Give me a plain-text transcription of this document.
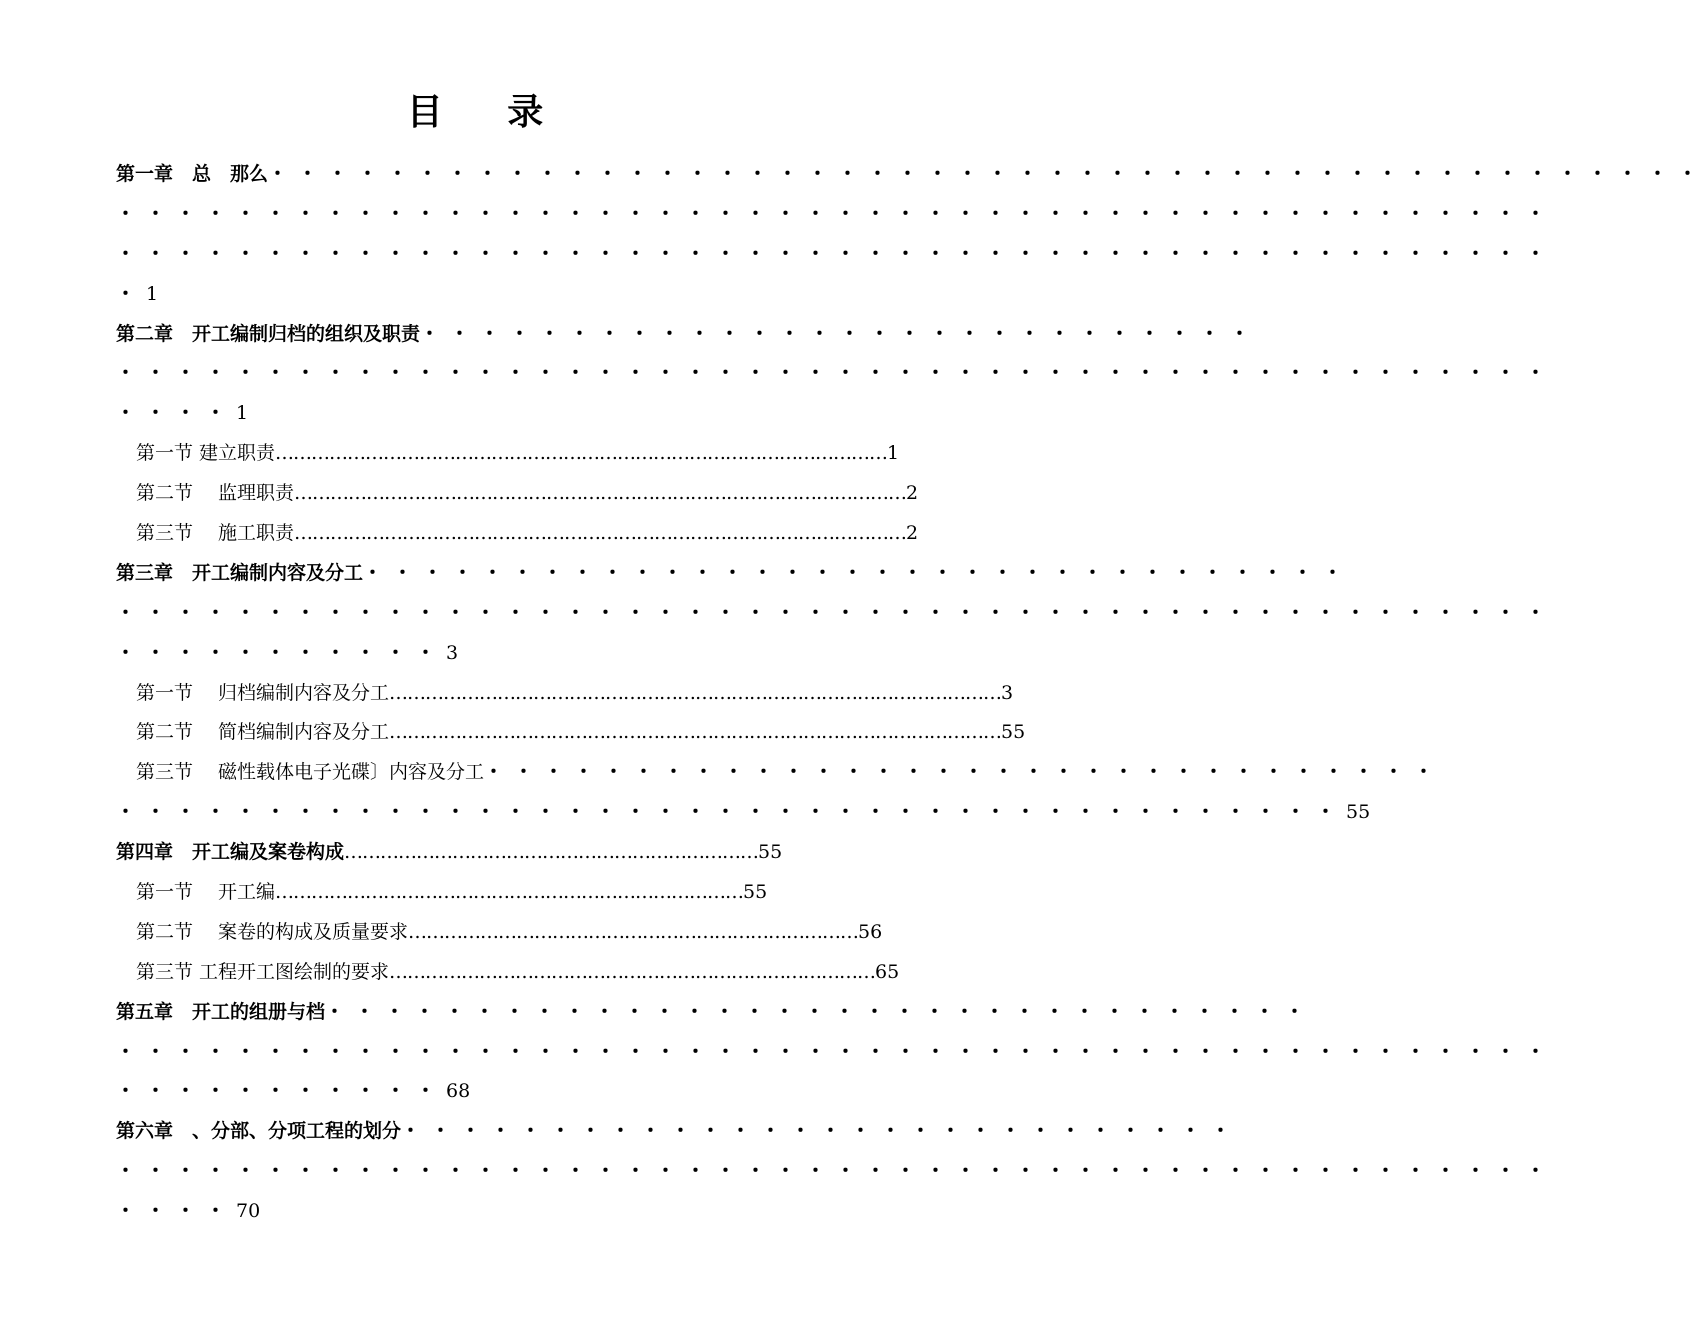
目 录
第一章　总　那么・・・・・・・・・・・・・・・・・・・・・・・・・・・・・・・・・・・・・・・・・・・・・・・・
・・・・・・・・・・・・・・・・・・・・・・・・・・・・・・・・・・・・・・・・・・・・・・・・
・・・・・・・・・・・・・・・・・・・・・・・・・・・・・・・・・・・・・・・・・・・・・・・・
・1
第二章　开工编制归档的组织及职责・・・・・・・・・・・・・・・・・・・・・・・・・・・・
・・・・・・・・・・・・・・・・・・・・・・・・・・・・・・・・・・・・・・・・・・・・・・・・
・・・・1
第一节 建立职责…………………………………………………………………………………………1
第二节　 监理职责…………………………………………………………………………………………2
第三节　 施工职责…………………………………………………………………………………………2
第三章　开工编制内容及分工・・・・・・・・・・・・・・・・・・・・・・・・・・・・・・・・・
・・・・・・・・・・・・・・・・・・・・・・・・・・・・・・・・・・・・・・・・・・・・・・・・
・・・・・・・・・・・3
第一节　 归档编制内容及分工…………………………………………………………………………………………3
第二节　 简档编制内容及分工…………………………………………………………………………………………55
第三节　 磁性载体电子光碟〕内容及分工・・・・・・・・・・・・・・・・・・・・・・・・・・・・・・・・
・・・・・・・・・・・・・・・・・・・・・・・・・・・・・・・・・・・・・・・・・55
第四章　开工编及案卷构成……………………………………………………………55
第一节　 开工编……………………………………………………………………55
第二节　 案卷的构成及质量要求…………………………………………………………………56
第三节 工程开工图绘制的要求………………………………………………………………………65
第五章　开工的组册与档・・・・・・・・・・・・・・・・・・・・・・・・・・・・・・・・・
・・・・・・・・・・・・・・・・・・・・・・・・・・・・・・・・・・・・・・・・・・・・・・・・
・・・・・・・・・・・68
第六章　、分部、分项工程的划分・・・・・・・・・・・・・・・・・・・・・・・・・・・・
・・・・・・・・・・・・・・・・・・・・・・・・・・・・・・・・・・・・・・・・・・・・・・・・
・・・・70
